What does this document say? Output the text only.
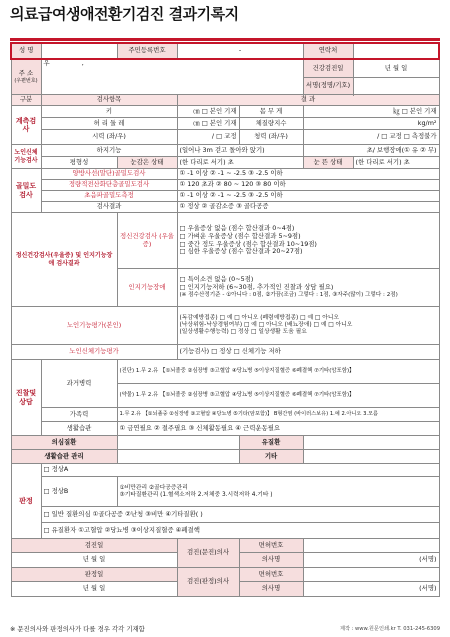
의료급여생애전환기검진 결과기록지
성 명		주민등록번호	-		연락처	

주 소
(우편번호)	우 ,				건강검진일	년 월 일
					서명(정명/기호)	

구분	검사항목		결 과			
계측검사	키		㎝ □ 본인 기재	몸 무 게	㎏ □ 본인 기재	
	허 리 둘 레		㎝ □ 본인 기재	체질량지수	kg/m²	
	시력 (좌/우)		/ □ 교정	청력 (좌/우)	/ □ 교정 □ 측정불가	
노인신체기능검사	하지기능		(일어나 3m 걷고 돌아와 앉기)		초/ 보행장애(① 유 ② 무)	
	평형성	눈감은 상태	(한 다리로 서기) 초		눈 뜬 상태	(한 다리로 서기) 초
골밀도검사	양방사선(말단)골밀도검사		① -1 이상 ② -1 ~ -2.5 ③ -2.5 이하			
	정량적전산화단층골밀도검사		① 120 초과 ② 80 ~ 120 ③ 80 이하			
	초음파골밀도측정		① -1 이상 ② -1 ~ -2.5 ③ -2.5 이하			
	검사결과		① 정상 ② 골감소증 ③ 골다공증			
정신건강검사(우울증) 및 인지기능장애 검사결과		정신건강검사 (우울증)	□ 우울증상 없음 (점수 합산결과 0~4점)
□ 가벼운 우울증상 (점수 합산결과 5~9점)
□ 중간 정도 우울증상 (점수 합산결과 10~19점)
□ 심한 우울증상 (점수 합산결과 20~27점)			

		인지기능장애	□ 특이소견 없음 (0~5점)
□ 인지기능저하 (6~30점, 추가적인 진찰과 상담 필요)
(※ 점수산정기준 - ①아니다 : 0점, ②가끔(조금) 그렇다 : 1점, ③자주(많이) 그렇다 : 2점)			

노인기능평가(본인)			(독감예방접종) □ 예 □ 아니오 (폐렴예방접종) □ 예 □ 아니오
(낙상위험-낙상경험여부) □ 예 □ 아니오 (배뇨장애) □ 예 □ 아니오
(일상생활수행능력) □ 정상 □ 일상생활 도움 필요			

노인신체기능평가			(기능검사) □ 정상 □ 신체기능 저하			
진찰및상담	과거병력	(진단) 1.무 2.유 【①뇌졸중 ②심장병 ③고혈압 ④당뇨병 ⑤이상지질혈증 ⑥폐결핵 ⑦기타(암포함)】				
		(약물) 1.무 2.유 【①뇌졸중 ②심장병 ③고혈압 ④당뇨병 ⑤이상지질혈증 ⑥폐결핵 ⑦기타(암포함)】				
	가족력	1.무 2.유 【①뇌졸중 ②심장병 ③고혈압 ④당뇨병 ⑤기타(암포함)】 B형간염 (바이러스보유) 1.예 2.아니오 3.모름				
	생활습관	① 금연필요 ② 절주필요 ③ 신체활동필요 ④ 근력운동필요				
의심질환				유질환		
생활습관 관리				기타		
판정	□ 정상A					
	□ 정상B	①비만관리 ②골다공증관리
③기타질환관리 (1.혈색소저하 2.저체중 3.시력저하 4.기타 )				

	□ 일반 질환의심 ①골다공증 ②난청 ③비만 ④기타질환( )					
	□ 유질환자 ①고혈압 ②당뇨병 ③이상지질혈증 ④폐결핵					

검진일			검진(문진)의사	면허번호		
년 월 일				의사명	(서명)	
판정일			검진(판정)의사	면허번호		
년 월 일				의사명	(서명)	
※ 문진의사와 판정의사가 다를 경우 각각 기재함	제작 : www.원문인쇄.kr T. 031-245-6309
